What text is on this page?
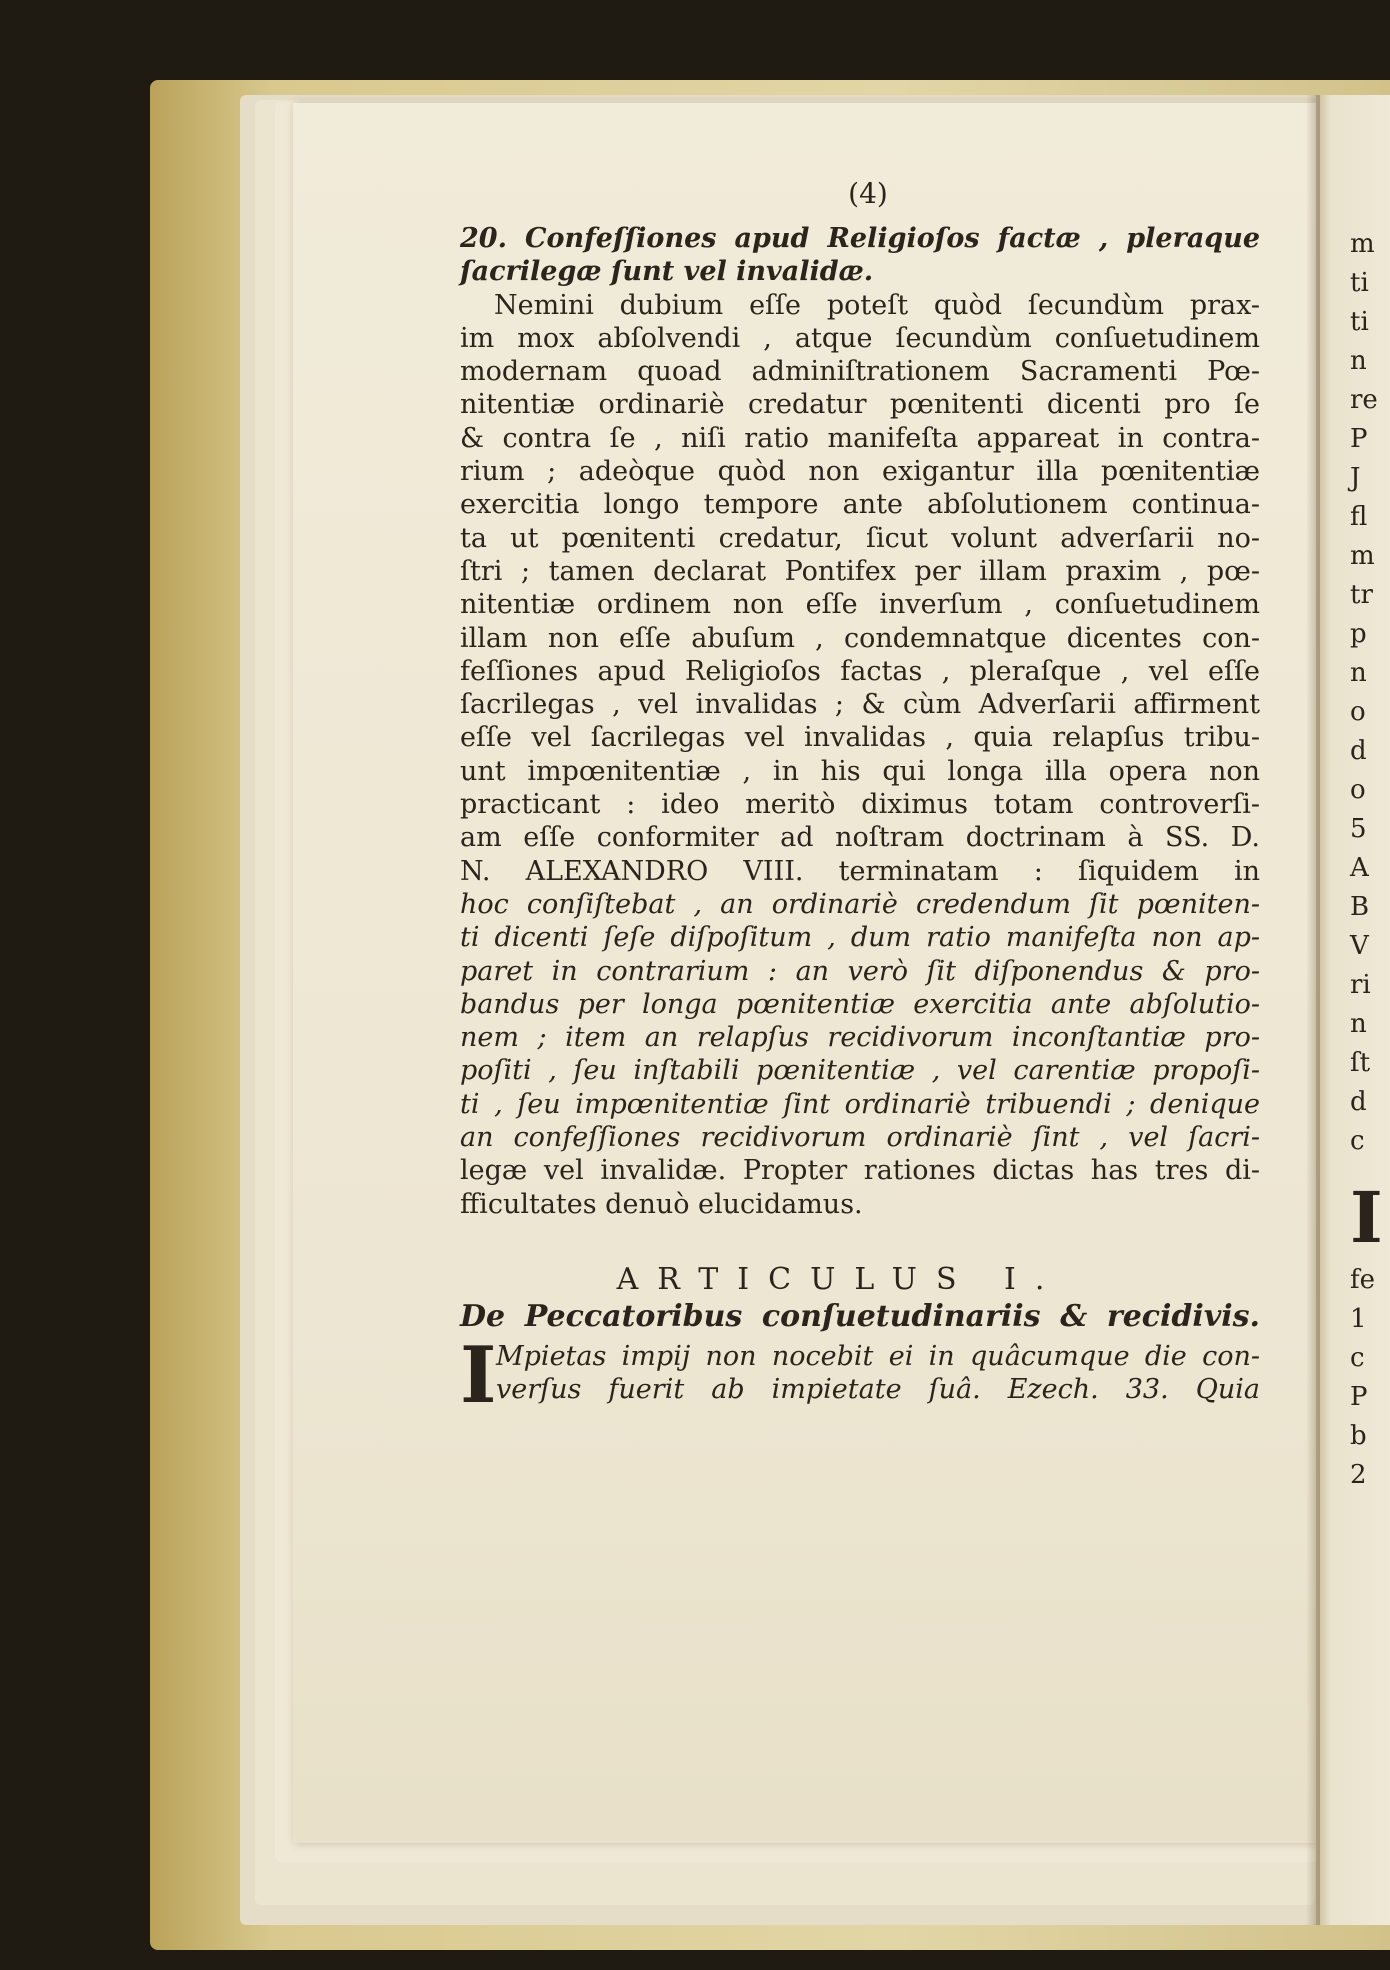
(4)
20. Confeſſiones apud Religioſos factæ , pleraque
ſacrilegæ ſunt vel invalidæ.
Nemini dubium eſſe poteſt quòd ſecundùm prax-
im mox abſolvendi , atque ſecundùm conſuetudinem
modernam quoad adminiſtrationem Sacramenti Pœ-
nitentiæ ordinariè credatur pœnitenti dicenti pro ſe
& contra ſe , niſi ratio manifeſta appareat in contra-
rium ; adeòque quòd non exigantur illa pœnitentiæ
exercitia longo tempore ante abſolutionem continua-
ta ut pœnitenti credatur, ſicut volunt adverſarii no-
ſtri ; tamen declarat Pontifex per illam praxim , pœ-
nitentiæ ordinem non eſſe inverſum , conſuetudinem
illam non eſſe abuſum , condemnatque dicentes con-
feſſiones apud Religioſos factas , pleraſque , vel eſſe
ſacrilegas , vel invalidas ; & cùm Adverſarii affirment
eſſe vel ſacrilegas vel invalidas , quia relapſus tribu-
unt impœnitentiæ , in his qui longa illa opera non
practicant : ideo meritò diximus totam controverſi-
am eſſe conformiter ad noſtram doctrinam à SS. D.
N. ALEXANDRO VIII. terminatam : ſiquidem in
hoc conſiſtebat , an ordinariè credendum ſit pœniten-
ti dicenti ſeſe diſpoſitum , dum ratio manifeſta non ap-
paret in contrarium : an verò ſit diſponendus & pro-
bandus per longa pœnitentiæ exercitia ante abſolutio-
nem ; item an relapſus recidivorum inconſtantiæ pro-
poſiti , ſeu inſtabili pœnitentiæ , vel carentiæ propoſi-
ti , ſeu impœnitentiæ ſint ordinariè tribuendi ; denique
an confeſſiones recidivorum ordinariè ſint , vel ſacri-
legæ vel invalidæ. Propter rationes dictas has tres di-
fficultates denuò elucidamus.
ARTICULUS I.
De Peccatoribus conſuetudinariis & recidivis.
I Mpietas impij non nocebit ei in quâcumque die con-
verſus fuerit ab impietate ſuâ. Ezech. 33. Quia
m
ti
ti
n
re
P
J
fl
m
tr
p
n
o
d
o
5
A
B
V
ri
n
ſt
d
c
I
fe
1
c
P
b
2
